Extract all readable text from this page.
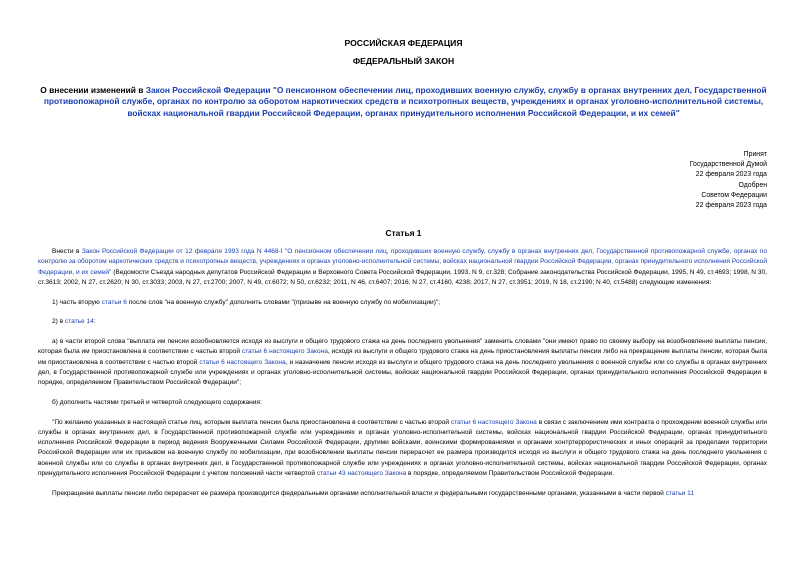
РОССИЙСКАЯ ФЕДЕРАЦИЯ
ФЕДЕРАЛЬНЫЙ ЗАКОН
О внесении изменений в Закон Российской Федерации "О пенсионном обеспечении лиц, проходивших военную службу, службу в органах внутренних дел, Государственной противопожарной службе, органах по контролю за оборотом наркотических средств и психотропных веществ, учреждениях и органах уголовно-исполнительной системы, войсках национальной гвардии Российской Федерации, органах принудительного исполнения Российской Федерации, и их семей"
Принят
Государственной Думой
22 февраля 2023 года
Одобрен
Советом Федерации
22 февраля 2023 года
Статья 1

Внести в Закон Российской Федерации от 12 февраля 1993 года N 4468-I "О пенсионном обеспечении лиц, проходивших военную службу, службу в органах внутренних дел, Государственной противопожарной службе, органах по контролю за оборотом наркотических средств и психотропных веществ, учреждениях и органах уголовно-исполнительной системы, войсках национальной гвардии Российской Федерации, органах принудительного исполнения Российской Федерации, и их семей" (Ведомости Съезда народных депутатов Российской Федерации и Верховного Совета Российской Федерации, 1993, N 9, ст.328; Собрание законодательства Российской Федерации, 1995, N 49, ст.4693; 1998, N 30, ст.3613; 2002, N 27, ст.2620; N 30, ст.3033; 2003, N 27, ст.2700; 2007, N 49, ст.6072; N 50, ст.6232; 2011, N 46, ст.6407; 2016, N 27, ст.4160, 4238; 2017, N 27, ст.3951; 2019, N 18, ст.2190; N 40, ст.5488) следующие изменения:

1) часть вторую статьи 6 после слов "на военную службу" дополнить словами "(призыве на военную службу по мобилизации)";

2) в статье 14:

а) в части второй слова "выплата им пенсии возобновляется исходя из выслуги и общего трудового стажа на день последнего увольнения" заменить словами "они имеют право по своему выбору на возобновление выплаты пенсии, которая была им приостановлена в соответствии с частью второй статьи 6 настоящего Закона, исходя из выслуги и общего трудового стажа на день приостановления выплаты пенсии либо на прекращение выплаты пенсии, которая была им приостановлена в соответствии с частью второй статьи 6 настоящего Закона, и назначение пенсии исходя из выслуги и общего трудового стажа на день последнего увольнения с военной службы или со службы в органах внутренних дел, в Государственной противопожарной службе или учреждениях и органах уголовно-исполнительной системы, войсках национальной гвардии Российской Федерации, органах принудительного исполнения Российской Федерации в порядке, определяемом Правительством Российской Федерации";

б) дополнить частями третьей и четвертой следующего содержания:

"По желанию указанных в настоящей статье лиц, которым выплата пенсии была приостановлена в соответствии с частью второй статьи 6 настоящего Закона в связи с заключением ими контракта о прохождении военной службы или службы в органах внутренних дел, в Государственной противопожарной службе или учреждениях и органах уголовно-исполнительной системы, войсках национальной гвардии Российской Федерации, органах принудительного исполнения Российской Федерации в период ведения Вооруженными Силами Российской Федерации, другими войсками, воинскими формированиями и органами контртеррористических и иных операций за пределами территории Российской Федерации или их призывом на военную службу по мобилизации, при возобновлении выплаты пенсии перерасчет ее размера производится исходя из выслуги и общего трудового стажа на день последнего увольнения с военной службы или со службы в органах внутренних дел, в Государственной противопожарной службе или учреждениях и органах уголовно-исполнительной системы, войсках национальной гвардии Российской Федерации, органах принудительного исполнения Российской Федерации с учетом положений части четвертой статьи 43 настоящего Закона в порядке, определяемом Правительством Российской Федерации.

Прекращение выплаты пенсии либо перерасчет ее размера производится федеральными органами исполнительной власти и федеральными государственными органами, указанными в части первой статьи 11
